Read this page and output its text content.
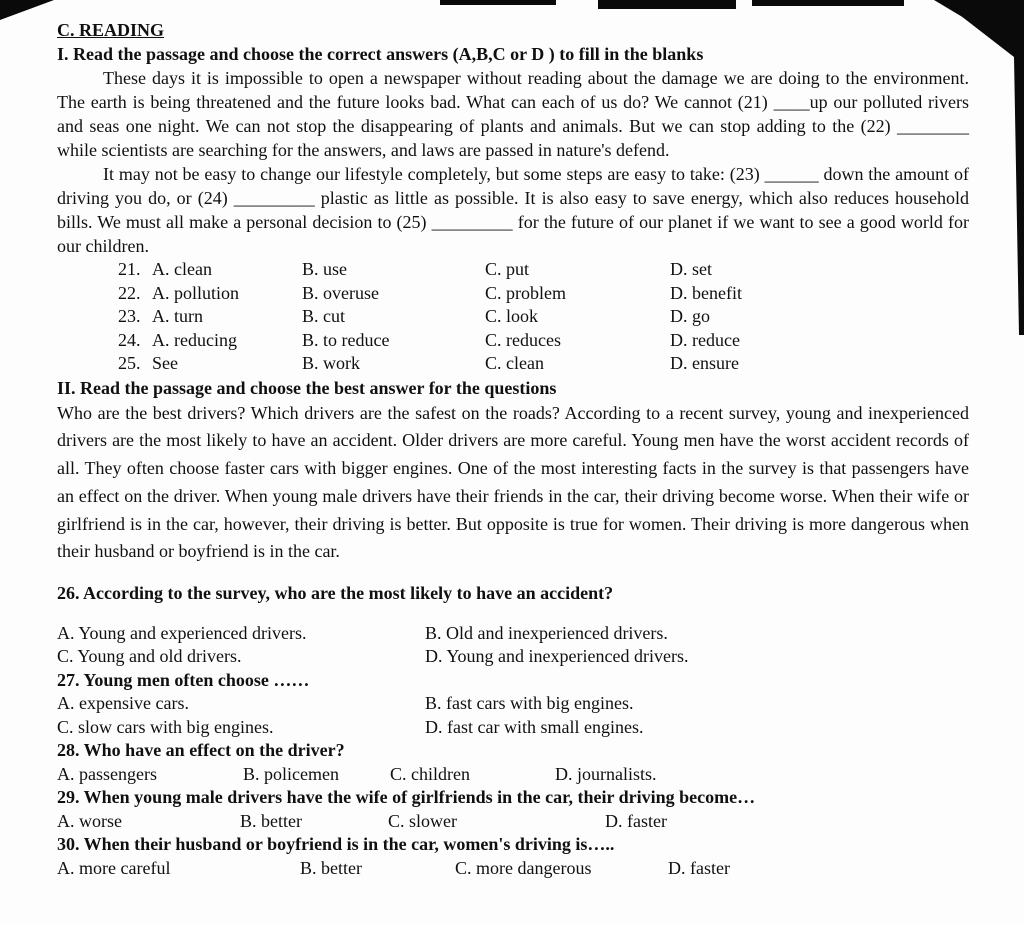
C. READING
I. Read the passage and choose the correct answers (A,B,C or D ) to fill in the blanks

These days it is impossible to open a newspaper without reading about the damage we are doing to the environment. The earth is being threatened and the future looks bad. What can each of us do? We cannot (21) ____up our polluted rivers and seas one night. We can not stop the disappearing of plants and animals. But we can stop adding to the (22) ________ while scientists are searching for the answers, and laws are passed in nature's defend.

It may not be easy to change our lifestyle completely, but some steps are easy to take: (23) ______ down the amount of driving you do, or (24) _________ plastic as little as possible. It is also easy to save energy, which also reduces household bills. We must all make a personal decision to (25) _________ for the future of our planet if we want to see a good world for our children.

21. A. clean	B. use	C. put	D. set
22. A. pollution	B. overuse	C. problem	D. benefit
23. A. turn	B. cut	C. look	D. go
24. A. reducing	B. to reduce	C. reduces	D. reduce
25. See	B. work	C. clean	D. ensure
II. Read the passage and choose the best answer for the questions

Who are the best drivers? Which drivers are the safest on the roads? According to a recent survey, young and inexperienced drivers are the most likely to have an accident. Older drivers are more careful. Young men have the worst accident records of all. They often choose faster cars with bigger engines. One of the most interesting facts in the survey is that passengers have an effect on the driver. When young male drivers have their friends in the car, their driving become worse. When their wife or girlfriend is in the car, however, their driving is better. But opposite is true for women. Their driving is more dangerous when their husband or boyfriend is in the car.

26. According to the survey, who are the most likely to have an accident?
A. Young and experienced drivers.	B. Old and inexperienced drivers.
C. Young and old drivers.	D. Young and inexperienced drivers.
27. Young men often choose ……
A. expensive cars.	B. fast cars with big engines.
C. slow cars with big engines.	D. fast car with small engines.
28. Who have an effect on the driver?
A. passengers	B. policemen	C. children	D. journalists.
29. When young male drivers have the wife of girlfriends in the car, their driving become…
A. worse	B. better	C. slower	D. faster
30. When their husband or boyfriend is in the car, women's driving is…..
A. more careful	B. better	C. more dangerous	D. faster
